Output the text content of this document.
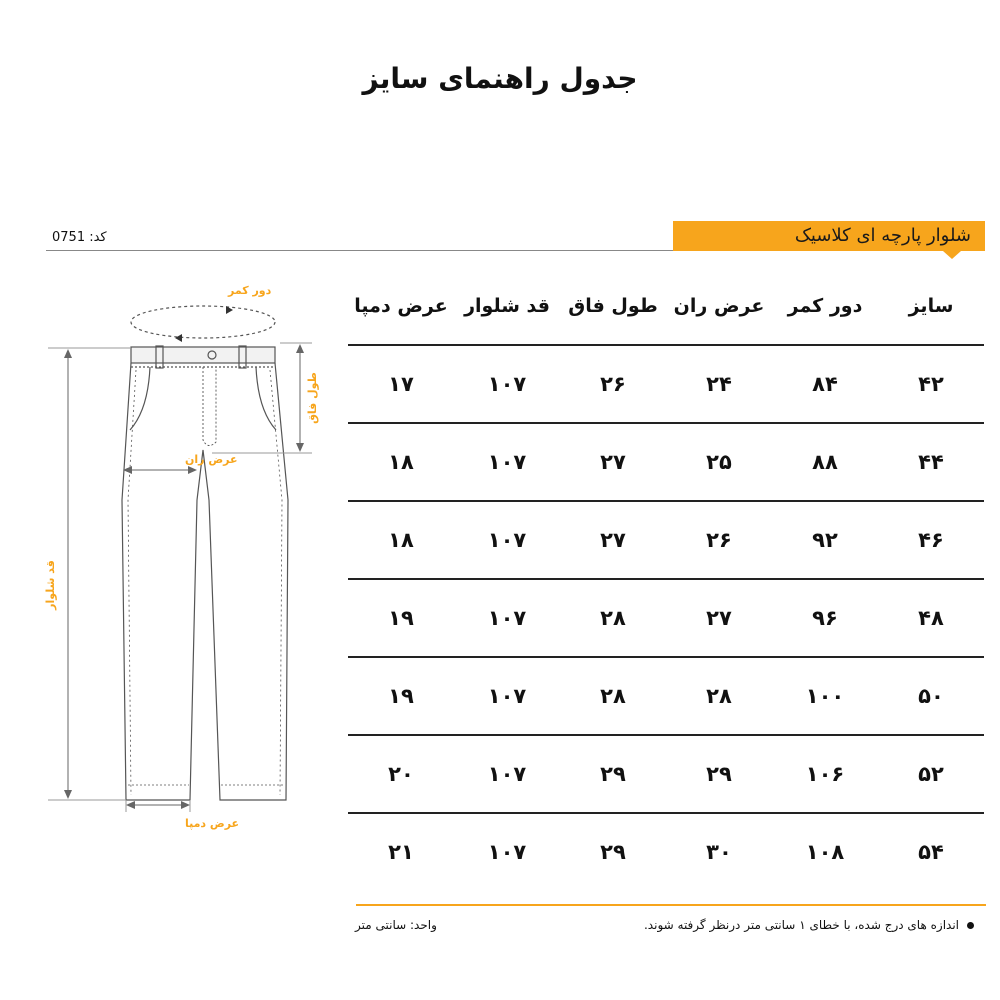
جدول راهنمای سایز
کد: 0751	شلوار پارچه ای کلاسیک
سایز	دور کمر	عرض ران	طول فاق	قد شلوار	عرض دمپا
۴۲	۸۴	۲۴	۲۶	۱۰۷	۱۷
۴۴	۸۸	۲۵	۲۷	۱۰۷	۱۸
۴۶	۹۲	۲۶	۲۷	۱۰۷	۱۸
۴۸	۹۶	۲۷	۲۸	۱۰۷	۱۹
۵۰	۱۰۰	۲۸	۲۸	۱۰۷	۱۹
۵۲	۱۰۶	۲۹	۲۹	۱۰۷	۲۰
۵۴	۱۰۸	۳۰	۲۹	۱۰۷	۲۱
اندازه های درج شده، با خطای ۱ سانتی متر درنظر گرفته شوند.
واحد: سانتی متر
دور کمر
عرض ران
عرض دمپا
طول فاق
قد شلوار
